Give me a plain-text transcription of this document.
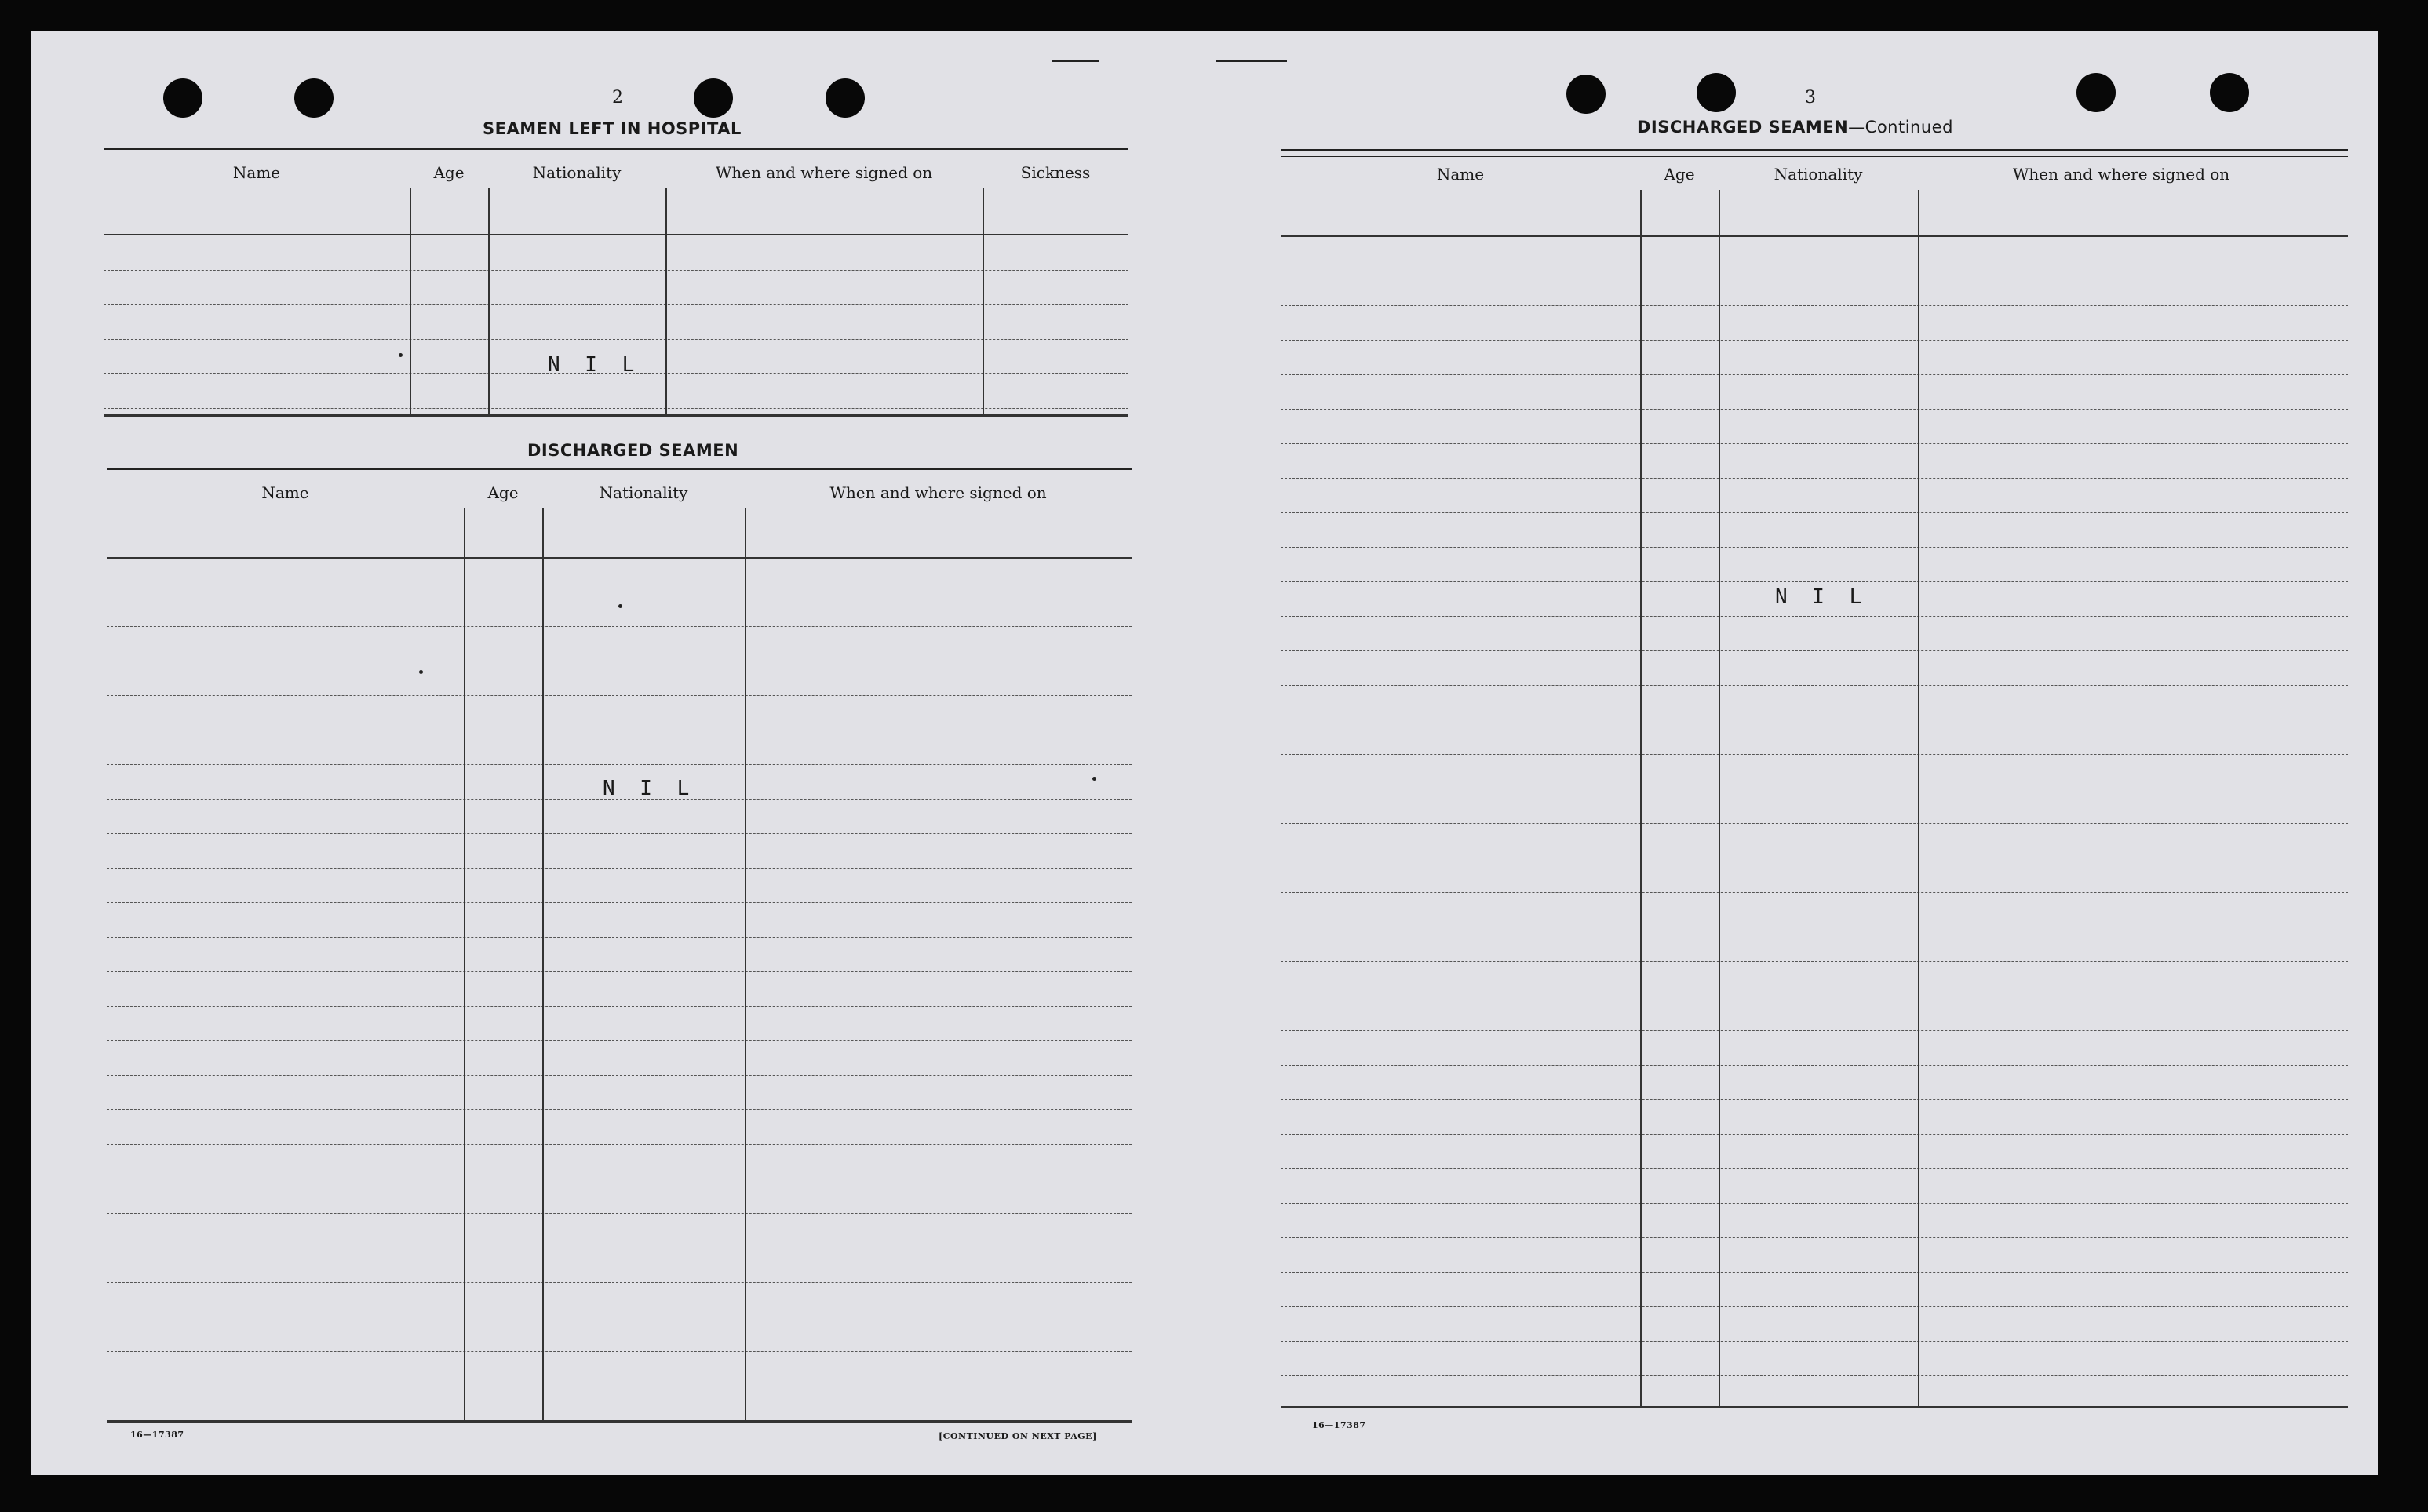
2
SEAMEN LEFT IN HOSPITAL
Name	Age	Nationality	When and where signed on	Sickness
N I L
DISCHARGED SEAMEN
Name	Age	Nationality	When and where signed on
N I L
16—17387	[CONTINUED ON NEXT PAGE]
3
DISCHARGED SEAMEN—Continued
Name	Age	Nationality	When and where signed on
N I L
16—17387
